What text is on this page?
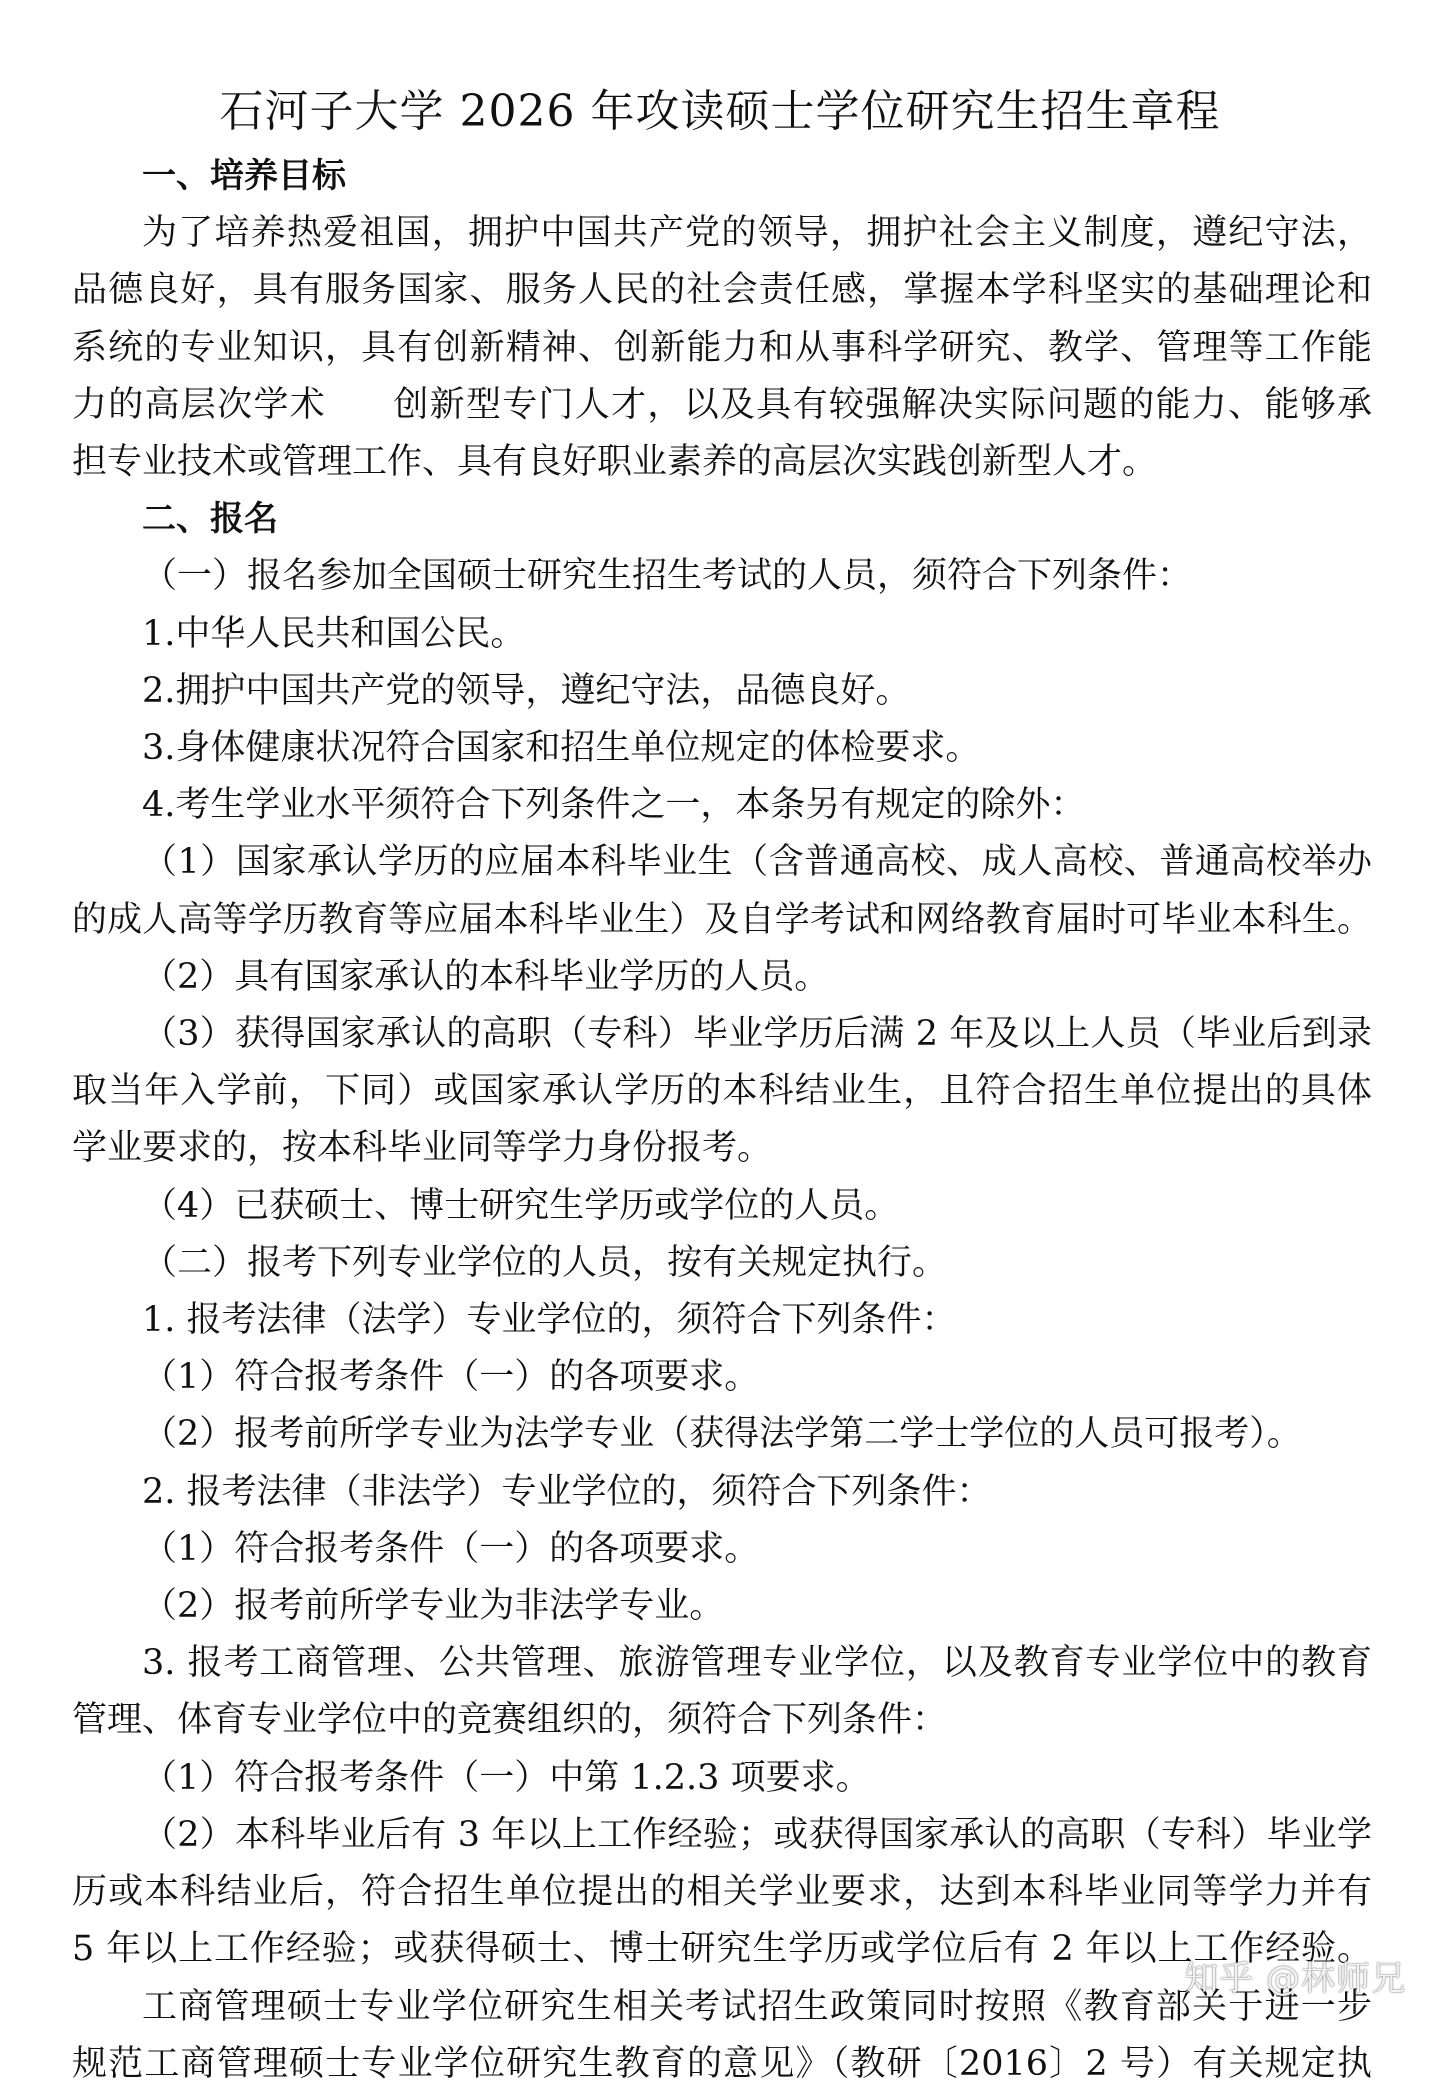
石河子大学 2026 年攻读硕士学位研究生招生章程
一、培养目标
为了培养热爱祖国，拥护中国共产党的领导，拥护社会主义制度，遵纪守法，
品德良好，具有服务国家、服务人民的社会责任感，掌握本学科坚实的基础理论和
系统的专业知识，具有创新精神、创新能力和从事科学研究、教学、管理等工作能
力的高层次学术 创新型专门人才，以及具有较强解决实际问题的能力、能够承
担专业技术或管理工作、具有良好职业素养的高层次实践创新型人才。
二、报名
（一）报名参加全国硕士研究生招生考试的人员，须符合下列条件：
1.中华人民共和国公民。
2.拥护中国共产党的领导，遵纪守法，品德良好。
3.身体健康状况符合国家和招生单位规定的体检要求。
4.考生学业水平须符合下列条件之一，本条另有规定的除外：
（1）国家承认学历的应届本科毕业生（含普通高校、成人高校、普通高校举办
的成人高等学历教育等应届本科毕业生）及自学考试和网络教育届时可毕业本科生。
（2）具有国家承认的本科毕业学历的人员。
（3）获得国家承认的高职（专科）毕业学历后满 2 年及以上人员（毕业后到录
取当年入学前，下同）或国家承认学历的本科结业生，且符合招生单位提出的具体
学业要求的，按本科毕业同等学力身份报考。
（4）已获硕士、博士研究生学历或学位的人员。
（二）报考下列专业学位的人员，按有关规定执行。
1. 报考法律（法学）专业学位的，须符合下列条件：
（1）符合报考条件（一）的各项要求。
（2）报考前所学专业为法学专业（获得法学第二学士学位的人员可报考）。
2. 报考法律（非法学）专业学位的，须符合下列条件：
（1）符合报考条件（一）的各项要求。
（2）报考前所学专业为非法学专业。
3. 报考工商管理、公共管理、旅游管理专业学位，以及教育专业学位中的教育
管理、体育专业学位中的竞赛组织的，须符合下列条件：
（1）符合报考条件（一）中第 1.2.3 项要求。
（2）本科毕业后有 3 年以上工作经验；或获得国家承认的高职（专科）毕业学
历或本科结业后，符合招生单位提出的相关学业要求，达到本科毕业同等学力并有
5 年以上工作经验；或获得硕士、博士研究生学历或学位后有 2 年以上工作经验。
工商管理硕士专业学位研究生相关考试招生政策同时按照《教育部关于进一步
规范工商管理硕士专业学位研究生教育的意见》（教研〔2016〕2 号）有关规定执
知乎 @林师兄
